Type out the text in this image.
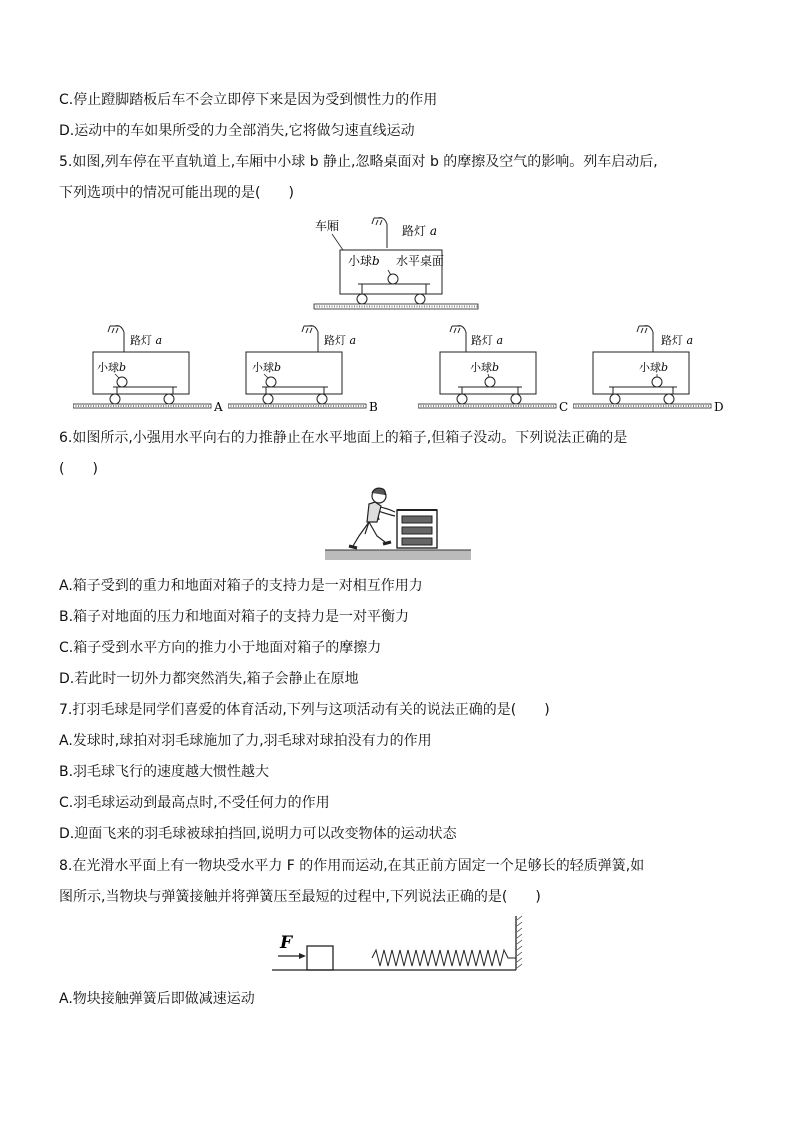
C.停止蹬脚踏板后车不会立即停下来是因为受到惯性力的作用
D.运动中的车如果所受的力全部消失,它将做匀速直线运动
5.如图,列车停在平直轨道上,车厢中小球 b 静止,忽略桌面对 b 的摩擦及空气的影响。列车启动后,
下列选项中的情况可能出现的是(　　)
路灯 a
车厢
小球b 水平桌面
路灯 a
小球b
A
路灯 a
小球b
B
路灯 a
小球b
C
路灯 a
小球b
D
6.如图所示,小强用水平向右的力推静止在水平地面上的箱子,但箱子没动。下列说法正确的是
(　　)
A.箱子受到的重力和地面对箱子的支持力是一对相互作用力
B.箱子对地面的压力和地面对箱子的支持力是一对平衡力
C.箱子受到水平方向的推力小于地面对箱子的摩擦力
D.若此时一切外力都突然消失,箱子会静止在原地
7.打羽毛球是同学们喜爱的体育活动,下列与这项活动有关的说法正确的是(　　)
A.发球时,球拍对羽毛球施加了力,羽毛球对球拍没有力的作用
B.羽毛球飞行的速度越大惯性越大
C.羽毛球运动到最高点时,不受任何力的作用
D.迎面飞来的羽毛球被球拍挡回,说明力可以改变物体的运动状态
8.在光滑水平面上有一物块受水平力 F 的作用而运动,在其正前方固定一个足够长的轻质弹簧,如
图所示,当物块与弹簧接触并将弹簧压至最短的过程中,下列说法正确的是(　　)
F
A.物块接触弹簧后即做减速运动
